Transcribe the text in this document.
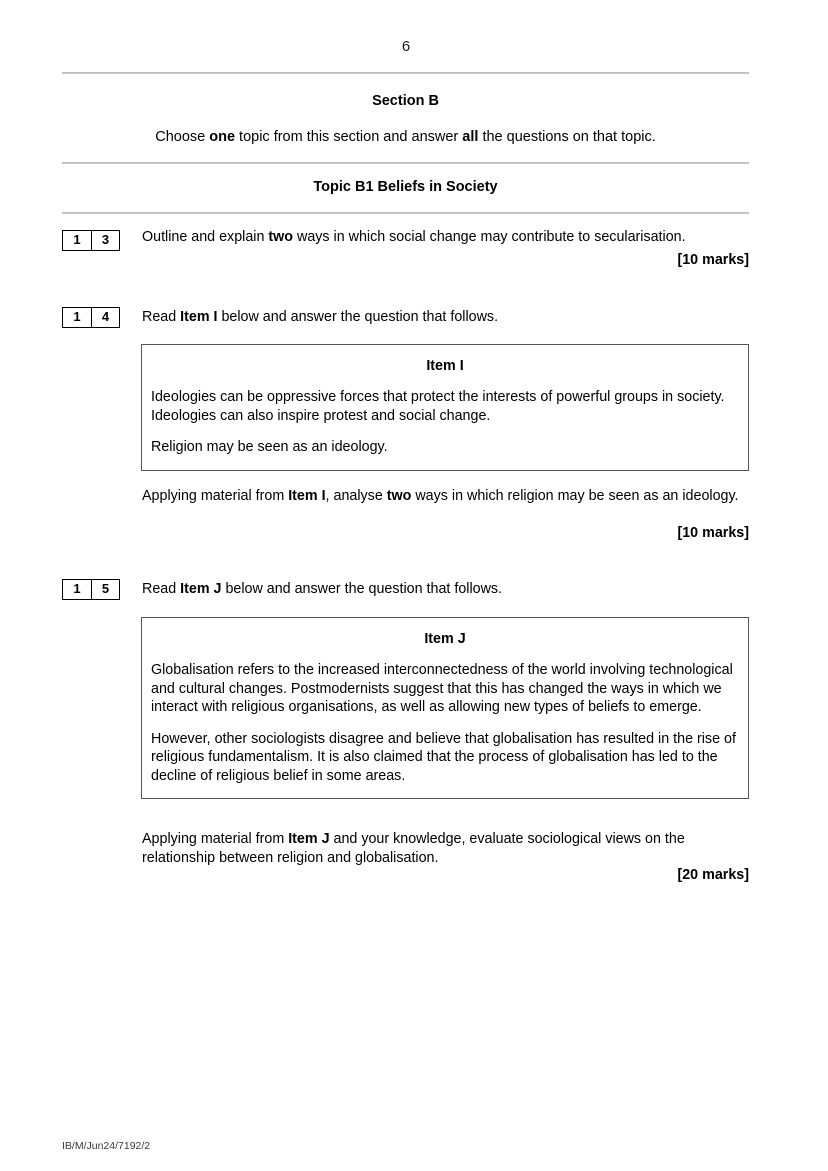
6
Section B
Choose one topic from this section and answer all the questions on that topic.
Topic B1 Beliefs in Society
1	3	Outline and explain two ways in which social change may contribute to secularisation.
[10 marks]
1	4	Read Item I below and answer the question that follows.
Item I
Ideologies can be oppressive forces that protect the interests of powerful groups in society. Ideologies can also inspire protest and social change.
Religion may be seen as an ideology.
Applying material from Item I, analyse two ways in which religion may be seen as an ideology.
[10 marks]
1	5	Read Item J below and answer the question that follows.
Item J
Globalisation refers to the increased interconnectedness of the world involving technological and cultural changes. Postmodernists suggest that this has changed the ways in which we interact with religious organisations, as well as allowing new types of beliefs to emerge.
However, other sociologists disagree and believe that globalisation has resulted in the rise of religious fundamentalism. It is also claimed that the process of globalisation has led to the decline of religious belief in some areas.
Applying material from Item J and your knowledge, evaluate sociological views on the relationship between religion and globalisation.
[20 marks]
IB/M/Jun24/7192/2
